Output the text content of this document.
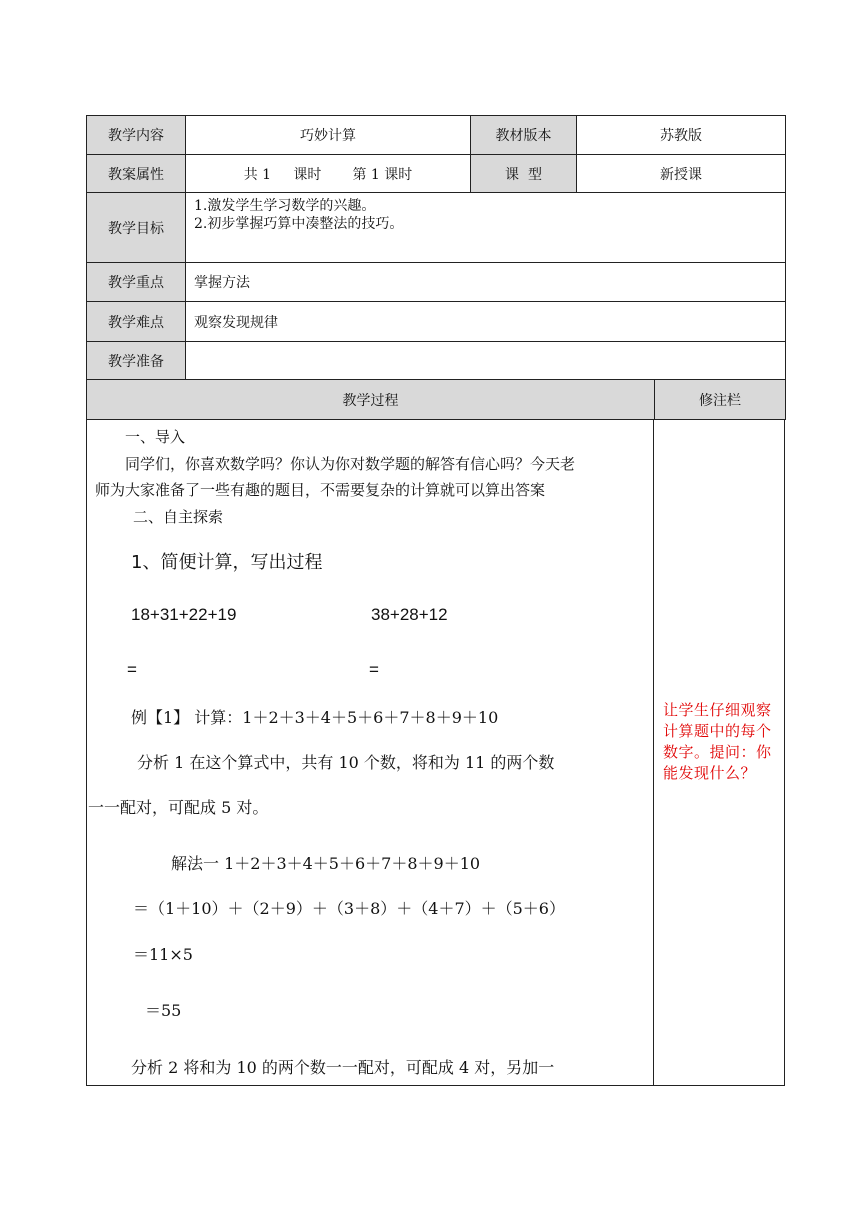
教学内容	巧妙计算	教材版本	苏教版	
教案属性	共 1 课时 第 1 课时	课  型	新授课	
教学目标	1.激发学生学习数学的兴趣。
2.初步掌握巧算中凑整法的技巧。			

教学重点	掌握方法			
教学难点	观察发现规律			
教学准备				
教学过程				修注栏
一、导入
同学们，你喜欢数学吗？你认为你对数学题的解答有信心吗？今天老
师为大家准备了一些有趣的题目，不需要复杂的计算就可以算出答案
二、自主探索
1、简便计算，写出过程
18+31+22+19	38+28+12
=	=
例【1】 计算：1＋2＋3＋4＋5＋6＋7＋8＋9＋10
分析 1 在这个算式中，共有 10 个数，将和为 11 的两个数
一一配对，可配成 5 对。
解法一 1＋2＋3＋4＋5＋6＋7＋8＋9＋10
＝（1＋10）＋（2＋9）＋（3＋8）＋（4＋7）＋（5＋6）
＝11×5
＝55
分析 2 将和为 10 的两个数一一配对，可配成 4 对，另加一
让学生仔细观察计算题中的每个数字。提问：你能发现什么？
